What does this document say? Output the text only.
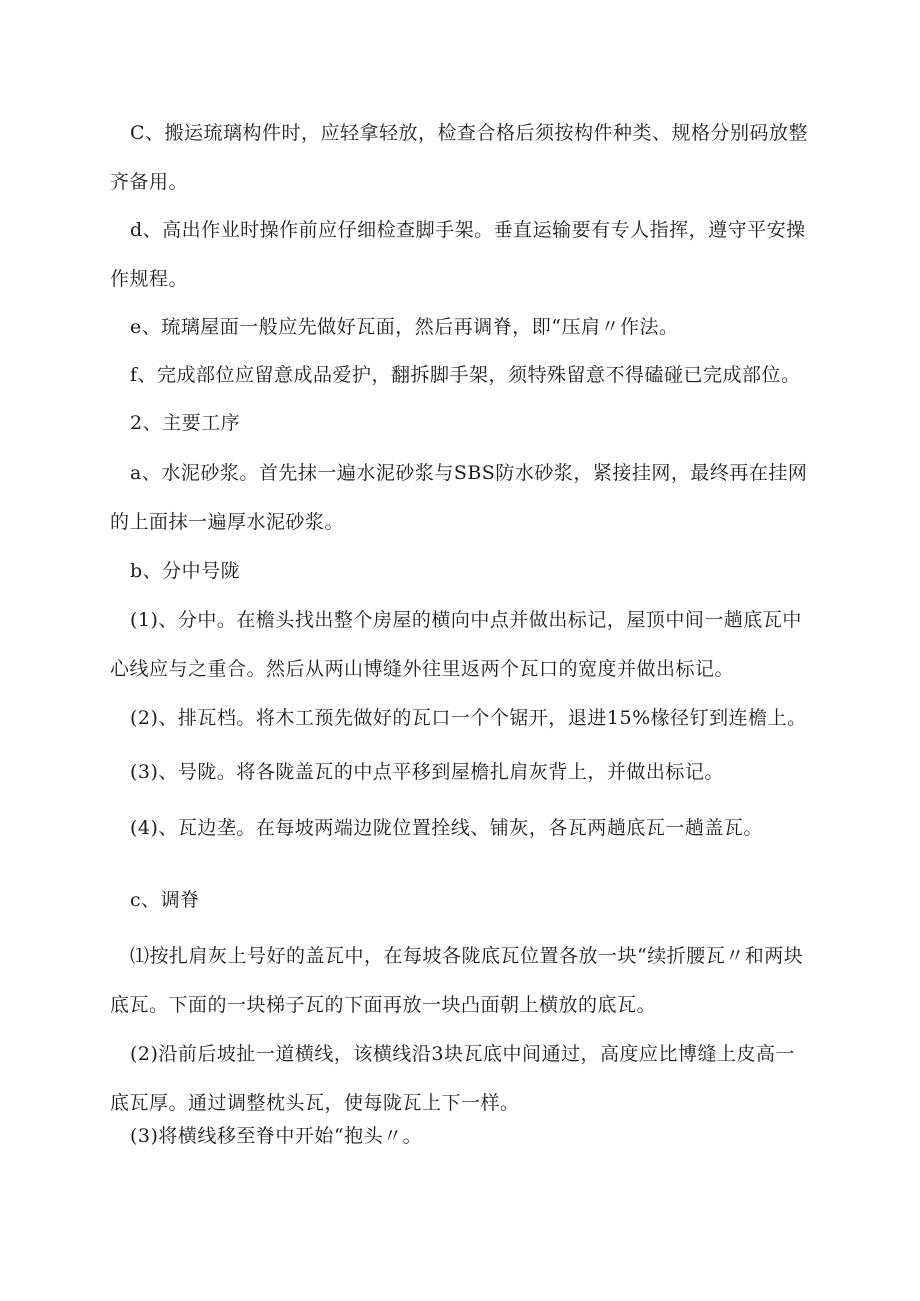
C、搬运琉璃构件时，应轻拿轻放，检查合格后须按构件种类、规格分别码放整齐备用。

d、高出作业时操作前应仔细检查脚手架。垂直运输要有专人指挥，遵守平安操作规程。

e、琉璃屋面一般应先做好瓦面，然后再调脊，即“压肩〃作法。

f、完成部位应留意成品爱护，翻拆脚手架，须特殊留意不得磕碰已完成部位。

2、主要工序

a、水泥砂浆。首先抹一遍水泥砂浆与SBS防水砂浆，紧接挂网，最终再在挂网的上面抹一遍厚水泥砂浆。

b、分中号陇

(1)、分中。在檐头找出整个房屋的横向中点并做出标记，屋顶中间一趟底瓦中心线应与之重合。然后从两山博缝外往里返两个瓦口的宽度并做出标记。

(2)、排瓦档。将木工预先做好的瓦口一个个锯开，退进15%椽径钉到连檐上。

(3)、号陇。将各陇盖瓦的中点平移到屋檐扎肩灰背上，并做出标记。

(4)、瓦边垄。在每坡两端边陇位置拴线、铺灰，各瓦两趟底瓦一趟盖瓦。

c、调脊

⑴按扎肩灰上号好的盖瓦中，在每坡各陇底瓦位置各放一块“续折腰瓦〃和两块底瓦。下面的一块梯子瓦的下面再放一块凸面朝上横放的底瓦。

(2)沿前后坡扯一道横线，该横线沿3块瓦底中间通过，高度应比博缝上皮高一底瓦厚。通过调整枕头瓦，使每陇瓦上下一样。

(3)将横线移至脊中开始“抱头〃。
